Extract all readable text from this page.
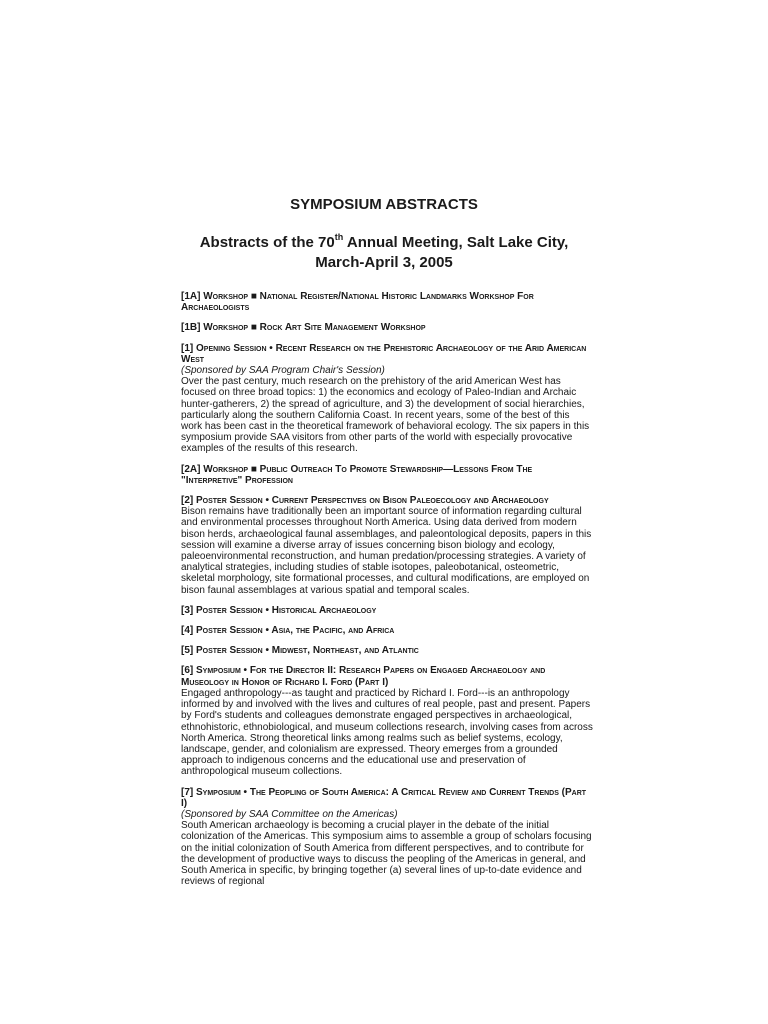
SYMPOSIUM ABSTRACTS
Abstracts of the 70th Annual Meeting, Salt Lake City,
March-April 3, 2005
[1A] Workshop ■ National Register/National Historic Landmarks Workshop For Archaeologists
[1B] Workshop ■ Rock Art Site Management Workshop
[1] Opening Session • Recent Research on the Prehistoric Archaeology of the Arid American West
(Sponsored by SAA Program Chair's Session)

Over the past century, much research on the prehistory of the arid American West has focused on three broad topics: 1) the economics and ecology of Paleo-Indian and Archaic hunter-gatherers, 2) the spread of agriculture, and 3) the development of social hierarchies, particularly along the southern California Coast. In recent years, some of the best of this work has been cast in the theoretical framework of behavioral ecology. The six papers in this symposium provide SAA visitors from other parts of the world with especially provocative examples of the results of this research.

[2A] Workshop ■ Public Outreach To Promote Stewardship—Lessons From The "Interpretive" Profession
[2] Poster Session • Current Perspectives on Bison Paleoecology and Archaeology

Bison remains have traditionally been an important source of information regarding cultural and environmental processes throughout North America. Using data derived from modern bison herds, archaeological faunal assemblages, and paleontological deposits, papers in this session will examine a diverse array of issues concerning bison biology and ecology, paleoenvironmental reconstruction, and human predation/processing strategies. A variety of analytical strategies, including studies of stable isotopes, paleobotanical, osteometric, skeletal morphology, site formational processes, and cultural modifications, are employed on bison faunal assemblages at various spatial and temporal scales.

[3] Poster Session • Historical Archaeology
[4] Poster Session • Asia, the Pacific, and Africa
[5] Poster Session • Midwest, Northeast, and Atlantic
[6] Symposium • For the Director II: Research Papers on Engaged Archaeology and Museology in Honor of Richard I. Ford (Part I)

Engaged anthropology---as taught and practiced by Richard I. Ford---is an anthropology informed by and involved with the lives and cultures of real people, past and present. Papers by Ford's students and colleagues demonstrate engaged perspectives in archaeological, ethnohistoric, ethnobiological, and museum collections research, involving cases from across North America. Strong theoretical links among realms such as belief systems, ecology, landscape, gender, and colonialism are expressed. Theory emerges from a grounded approach to indigenous concerns and the educational use and preservation of anthropological museum collections.

[7] Symposium • The Peopling of South America: A Critical Review and Current Trends (Part I)
(Sponsored by SAA Committee on the Americas)

South American archaeology is becoming a crucial player in the debate of the initial colonization of the Americas. This symposium aims to assemble a group of scholars focusing on the initial colonization of South America from different perspectives, and to contribute for the development of productive ways to discuss the peopling of the Americas in general, and South America in specific, by bringing together (a) several lines of up-to-date evidence and reviews of regional
